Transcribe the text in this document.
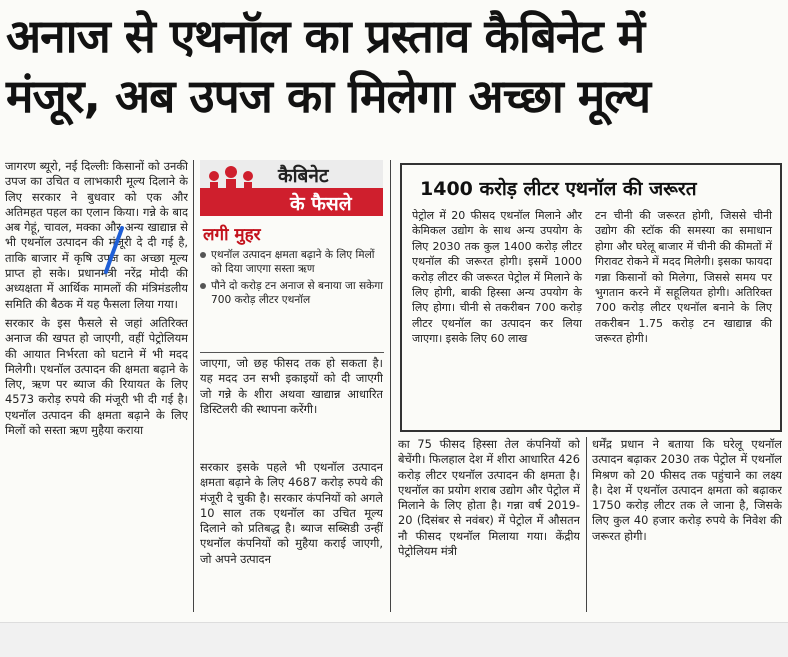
अनाज से एथनॉल का प्रस्ताव कैबिनेट में
मंजूर, अब उपज का मिलेगा अच्छा मूल्य

जागरण ब्यूरो, नई दिल्लीः किसानों को उनकी उपज का उचित व लाभकारी मूल्य दिलाने के लिए सरकार ने बुधवार को एक और अतिमहत पहल का एलान किया। गन्ने के बाद अब गेहूं, चावल, मक्का और अन्य खाद्यान्न से भी एथनॉल उत्पादन की मंजूरी दे दी गई है, ताकि बाजार में कृषि उपज का अच्छा मूल्य प्राप्त हो सके। प्रधानमंत्री नरेंद्र मोदी की अध्यक्षता में आर्थिक मामलों की मंत्रिमंडलीय समिति की बैठक में यह फैसला लिया गया।

सरकार के इस फैसले से जहां अतिरिक्त अनाज की खपत हो जाएगी, वहीं पेट्रोलियम की आयात निर्भरता को घटाने में भी मदद मिलेगी। एथनॉल उत्पादन की क्षमता बढ़ाने के लिए, ऋण पर ब्याज की रियायत के लिए 4573 करोड़ रुपये की मंजूरी भी दी गई है। एथनॉल उत्पादन की क्षमता बढ़ाने के लिए मिलों को सस्ता ऋण मुहैया कराया

कैबिनेट
के फैसले
लगी मुहर
एथनॉल उत्पादन क्षमता बढ़ाने के लिए मिलों को दिया जाएगा सस्ता ऋण
पौने दो करोड़ टन अनाज से बनाया जा सकेगा 700 करोड़ लीटर एथनॉल

जाएगा, जो छह फीसद तक हो सकता है। यह मदद उन सभी इकाइयों को दी जाएगी जो गन्ने के शीरा अथवा खाद्यान्न आधारित डिस्टिलरी की स्थापना करेंगी।

सरकार इसके पहले भी एथनॉल उत्पादन क्षमता बढ़ाने के लिए 4687 करोड़ रुपये की मंजूरी दे चुकी है। सरकार कंपनियों को अगले 10 साल तक एथनॉल का उचित मूल्य दिलाने को प्रतिबद्ध है। ब्याज सब्सिडी उन्हीं एथनॉल कंपनियों को मुहैया कराई जाएगी, जो अपने उत्पादन

1400 करोड़ लीटर एथनॉल की जरूरत
पेट्रोल में 20 फीसद एथनॉल मिलाने और केमिकल उद्योग के साथ अन्य उपयोग के लिए 2030 तक कुल 1400 करोड़ लीटर एथनॉल की जरूरत होगी। इसमें 1000 करोड़ लीटर की जरूरत पेट्रोल में मिलाने के लिए होगी, बाकी हिस्सा अन्य उपयोग के लिए होगा। चीनी से तकरीबन 700 करोड़ लीटर एथनॉल का उत्पादन कर लिया जाएगा। इसके लिए 60 लाख
टन चीनी की जरूरत होगी, जिससे चीनी उद्योग की स्टॉक की समस्या का समाधान होगा और घरेलू बाजार में चीनी की कीमतों में गिरावट रोकने में मदद मिलेगी। इसका फायदा गन्ना किसानों को मिलेगा, जिससे समय पर भुगतान करने में सहूलियत होगी। अतिरिक्त 700 करोड़ लीटर एथनॉल बनाने के लिए तकरीबन 1.75 करोड़ टन खाद्यान्न की जरूरत होगी।

का 75 फीसद हिस्सा तेल कंपनियों को बेचेंगी। फिलहाल देश में शीरा आधारित 426 करोड़ लीटर एथनॉल उत्पादन की क्षमता है। एथनॉल का प्रयोग शराब उद्योग और पेट्रोल में मिलाने के लिए होता है। गन्ना वर्ष 2019-20 (दिसंबर से नवंबर) में पेट्रोल में औसतन नौ फीसद एथनॉल मिलाया गया। केंद्रीय पेट्रोलियम मंत्री

धर्मेंद्र प्रधान ने बताया कि घरेलू एथनॉल उत्पादन बढ़ाकर 2030 तक पेट्रोल में एथनॉल मिश्रण को 20 फीसद तक पहुंचाने का लक्ष्य है। देश में एथनॉल उत्पादन क्षमता को बढ़ाकर 1750 करोड़ लीटर तक ले जाना है, जिसके लिए कुल 40 हजार करोड़ रुपये के निवेश की जरूरत होगी।
